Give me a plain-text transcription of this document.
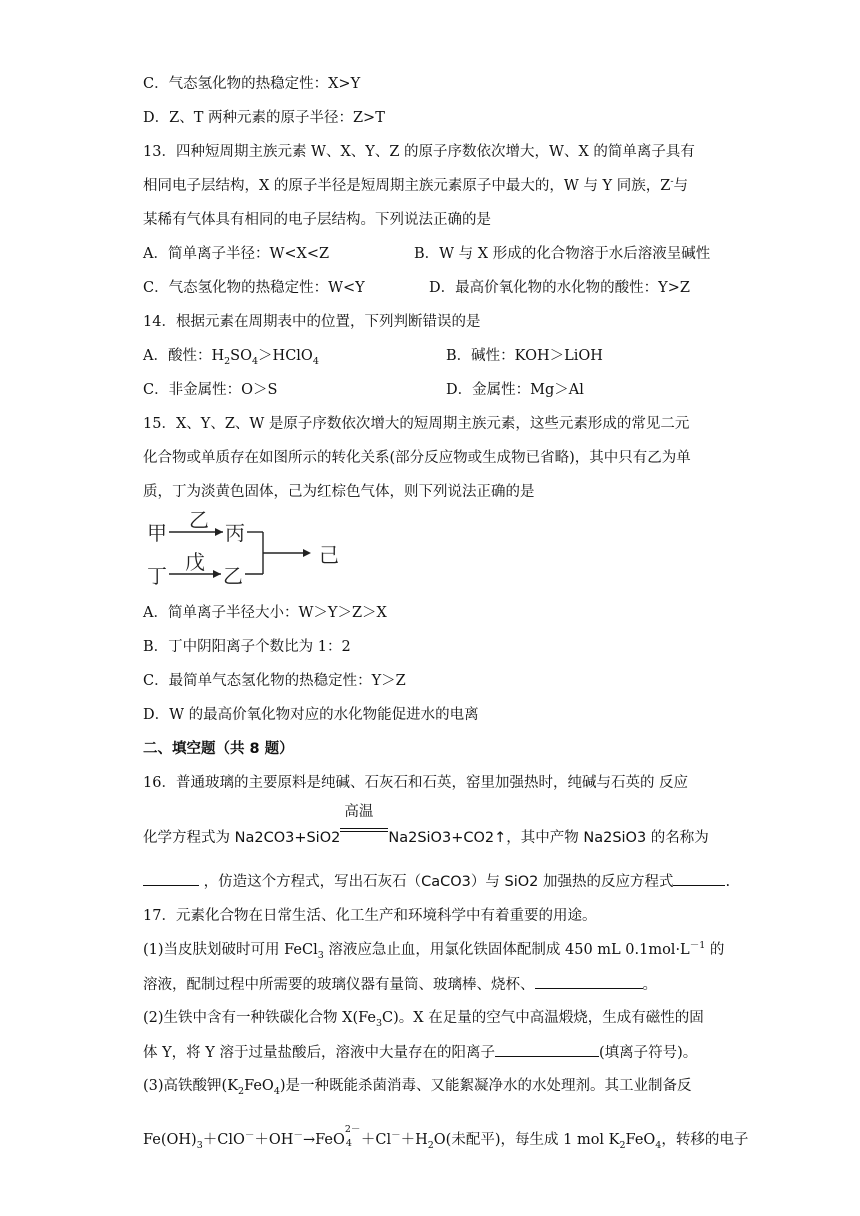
C．气态氢化物的热稳定性：X>Y
D．Z、T 两种元素的原子半径：Z>T
13．四种短周期主族元素 W、X、Y、Z 的原子序数依次增大，W、X 的简单离子具有
相同电子层结构，X 的原子半径是短周期主族元素原子中最大的，W 与 Y 同族，Z-与
某稀有气体具有相同的电子层结构。下列说法正确的是
A．简单离子半径：W<X<Z	B．W 与 X 形成的化合物溶于水后溶液呈碱性
C．气态氢化物的热稳定性：W<Y	D．最高价氧化物的水化物的酸性：Y>Z
14．根据元素在周期表中的位置，下列判断错误的是
A．酸性：$H_2SO_4>HClO_4$	B．碱性：KOH＞LiOH
C．非金属性：O＞S	D．金属性：Mg＞Al
15．X、Y、Z、W 是原子序数依次增大的短周期主族元素，这些元素形成的常见二元
化合物或单质存在如图所示的转化关系(部分反应物或生成物已省略)，其中只有乙为单
质，丁为淡黄色固体，己为红棕色气体，则下列说法正确的是
甲
乙
丙
丁
戊
乙
己
A．简单离子半径大小：W＞Y＞Z＞X
B．丁中阴阳离子个数比为 1：2
C．最简单气态氢化物的热稳定性：Y＞Z
D．W 的最高价氧化物对应的水化物能促进水的电离
二、填空题（共 8 题）
16．普通玻璃的主要原料是纯碱、石灰石和石英，窑里加强热时，纯碱与石英的 反应
化学方程式为 Na2CO3+SiO2
高温
Na2SiO3+CO2↑，其中产物 Na2SiO3 的名称为
，仿造这个方程式，写出石灰石（CaCO3）与 SiO2 加强热的反应方程式	.
17．元素化合物在日常生活、化工生产和环境科学中有着重要的用途。
(1)当皮肤划破时可用 FeCl$_3$ 溶液应急止血，用氯化铁固体配制成 450 mL $0.1mol\cdot L^{-1}$ 的
溶液，配制过程中所需要的玻璃仪器有量筒、玻璃棒、烧杯、	。
(2)生铁中含有一种铁碳化合物 $X(Fe_3C)$。X 在足量的空气中高温煅烧，生成有磁性的固
体 Y，将 Y 溶于过量盐酸后，溶液中大量存在的阳离子	(填离子符号)。
(3)高铁酸钾$(K_2FeO_4)$是一种既能杀菌消毒、又能絮凝净水的水处理剂。其工业制备反
$Fe(OH)_3+ClO^-+OH^-\to FeO$
2－
$4 +Cl^-+H_2O$(未配平)，每生成 1 mol $K_2FeO_4$，转移的电子
